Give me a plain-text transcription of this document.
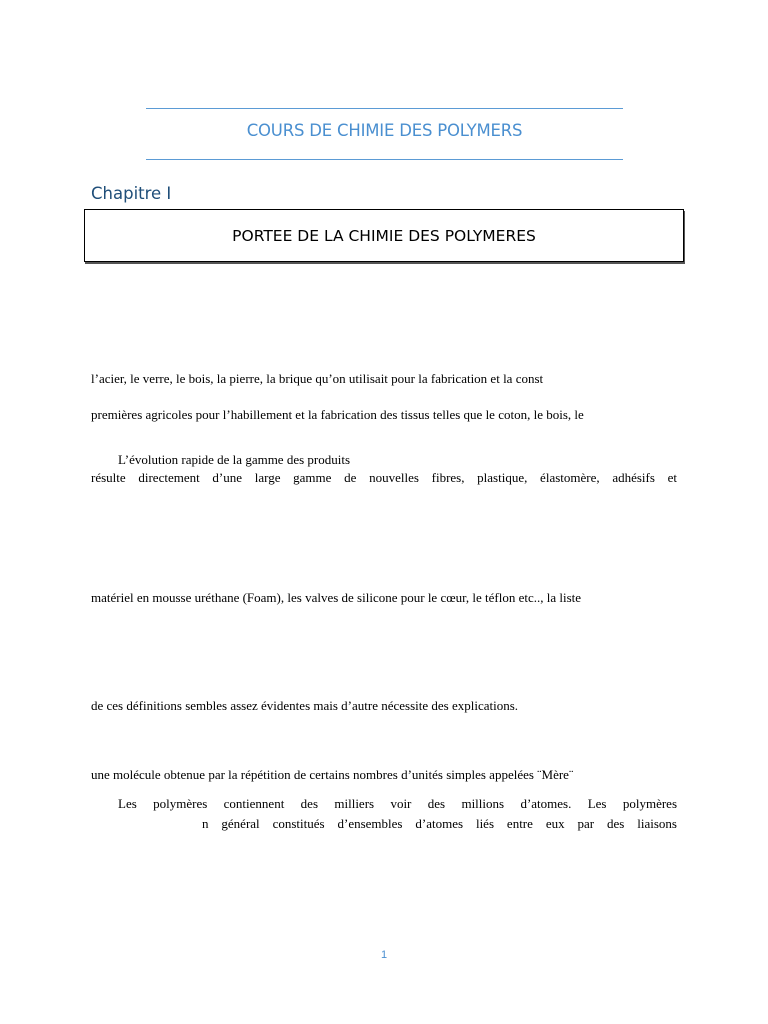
COURS DE CHIMIE DES POLYMERS
Chapitre I
PORTEE DE LA CHIMIE DES POLYMERES
l’acier, le verre, le bois, la pierre, la brique qu’on utilisait pour la fabrication et la const
premières agricoles pour l’habillement et la fabrication des tissus telles que le coton, le bois, le
L’évolution rapide de la gamme des produits
résulte directement d’une large gamme de nouvelles fibres, plastique, élastomère, adhésifs et
matériel en mousse uréthane (Foam), les valves de silicone pour le cœur, le téflon etc.., la liste
de ces définitions sembles assez évidentes mais d’autre nécessite des explications.
une molécule obtenue par la répétition de certains nombres d’unités simples appelées ¨Mère¨
Les polymères contiennent des milliers voir des millions d’atomes. Les polymères
n général constitués d’ensembles d’atomes liés entre eux par des liaisons
1
